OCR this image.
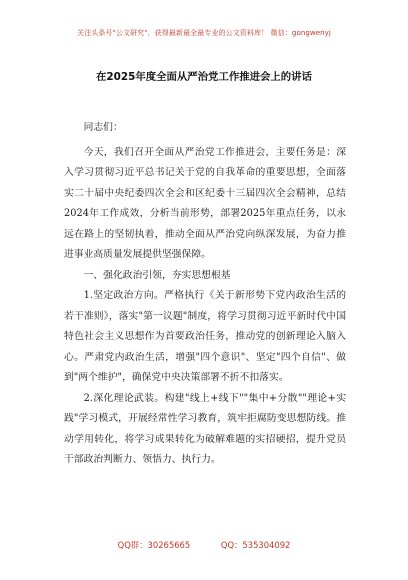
关注头条号"公文研究"，获得最新最全最专业的公文资料库！ 微信：gongwenyj
在2025年度全面从严治党工作推进会上的讲话

同志们：

今天，我们召开全面从严治党工作推进会，主要任务是：深入学习贯彻习近平总书记关于党的自我革命的重要思想，全面落实二十届中央纪委四次全会和区纪委十三届四次全会精神，总结2024年工作成效，分析当前形势，部署2025年重点任务，以永远在路上的坚韧执着，推动全面从严治党向纵深发展，为奋力推进事业高质量发展提供坚强保障。

一、强化政治引领，夯实思想根基

1.坚定政治方向。严格执行《关于新形势下党内政治生活的若干准则》，落实"第一议题"制度，将学习贯彻习近平新时代中国特色社会主义思想作为首要政治任务，推动党的创新理论入脑入心。严肃党内政治生活，增强"四个意识"、坚定"四个自信"、做到"两个维护"，确保党中央决策部署不折不扣落实。

2.深化理论武装。构建"线上+线下""集中+分散""理论+实践"学习模式，开展经常性学习教育，筑牢拒腐防变思想防线。推动学用转化，将学习成果转化为破解难题的实招硬招，提升党员干部政治判断力、领悟力、执行力。

QQ群：30265665	QQ：535304092
